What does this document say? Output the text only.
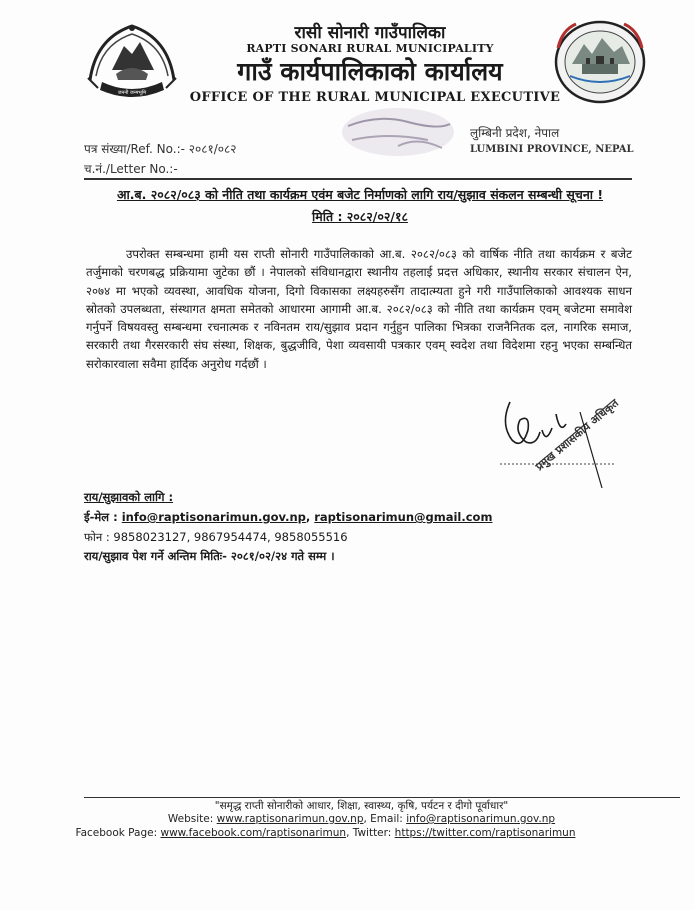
जननी जन्मभूमि
रासी सोनारी गाउँपालिका
RAPTI SONARI RURAL MUNICIPALITY
गाउँ कार्यपालिकाको कार्यालय
OFFICE OF THE RURAL MUNICIPAL EXECUTIVE
पत्र संख्या/Ref. No.:- २०८१/०८२
च.नं./Letter No.:-
लुम्बिनी प्रदेश, नेपाल
LUMBINI PROVINCE, NEPAL
आ.ब. २०८२/०८३ को नीति तथा कार्यक्रम एवंम बजेट निर्माणको लागि राय/सुझाव संकलन सम्बन्धी सूचना !
मिति : २०८२/०२/१८

उपरोक्त सम्बन्धमा हामी यस राप्ती सोनारी गाउँपालिकाको आ.ब. २०८२/०८३ को वार्षिक नीति तथा कार्यक्रम र बजेट तर्जुमाको चरणबद्ध प्रक्रियामा जुटेका छौं । नेपालको संविधानद्वारा स्थानीय तहलाई प्रदत्त अधिकार, स्थानीय सरकार संचालन ऐन, २०७४ मा भएको व्यवस्था, आवधिक योजना, दिगो विकासका लक्ष्यहरुसँग तादात्म्यता हुने गरी गाउँपालिकाको आवश्यक साधन स्रोतको उपलब्धता, संस्थागत क्षमता समेतको आधारमा आगामी आ.ब. २०८२/०८३ को नीति तथा कार्यक्रम एवम् बजेटमा समावेश गर्नुपर्ने विषयवस्तु सम्बन्धमा रचनात्मक र नविनतम राय/सुझाव प्रदान गर्नुहुन पालिका भित्रका राजनैनितक दल, नागरिक समाज, सरकारी तथा गैरसरकारी संघ संस्था, शिक्षक, बुद्धजीवि, पेशा व्यवसायी पत्रकार एवम् स्वदेश तथा विदेशमा रहनु भएका सम्बन्धित सरोकारवाला सवैमा हार्दिक अनुरोध गर्दछौं ।

प्रमुख प्रशासकीय अधिकृत
राय/सुझावको लागि :
ई-मेल : info@raptisonarimun.gov.np, raptisonarimun@gmail.com
फोन : 9858023127, 9867954474, 9858055516
राय/सुझाव पेश गर्ने अन्तिम मितिः- २०८१/०२/२४ गते सम्म ।
"समृद्ध राप्ती सोनारीको आधार, शिक्षा, स्वास्थ्य, कृषि, पर्यटन र दीगो पूर्वाधार"
Website: www.raptisonarimun.gov.np, Email: info@raptisonarimun.gov.np
Facebook Page: www.facebook.com/raptisonarimun, Twitter: https://twitter.com/raptisonarimun
